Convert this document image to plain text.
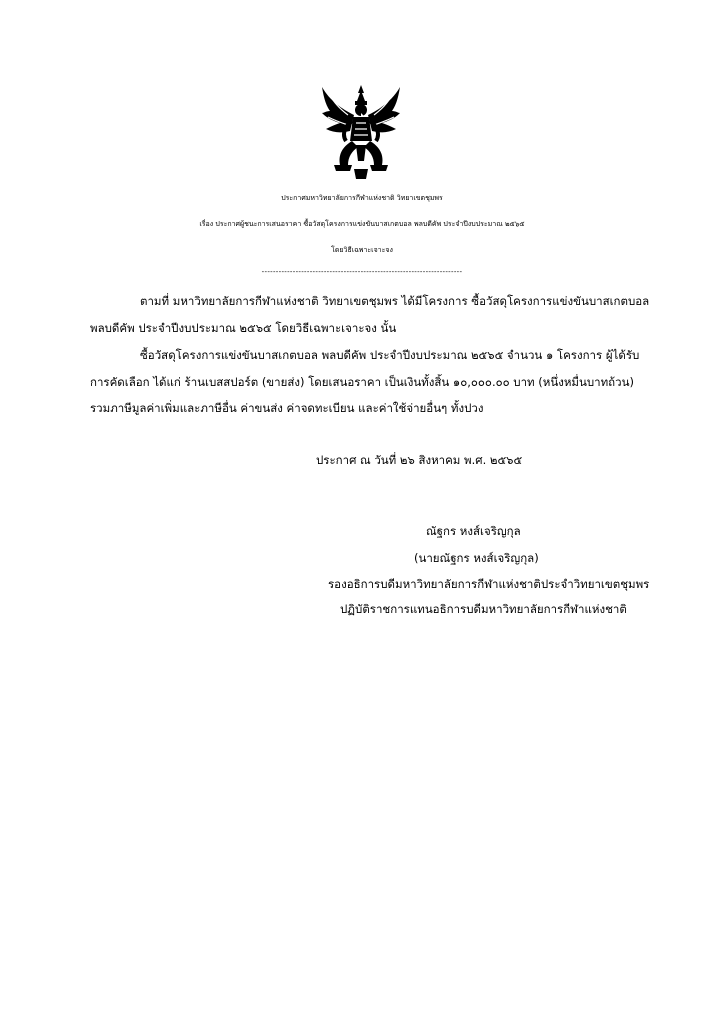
ประกาศมหาวิทยาลัยการกีฬาแห่งชาติ วิทยาเขตชุมพร
เรื่อง ประกาศผู้ชนะการเสนอราคา ซื้อวัสดุโครงการแข่งขันบาสเกตบอล พลบดีคัพ ประจำปีงบประมาณ ๒๕๖๕
โดยวิธีเฉพาะเจาะจง
-----------------------------------------------------------------------
ตามที่ มหาวิทยาลัยการกีฬาแห่งชาติ วิทยาเขตชุมพร ได้มีโครงการ ซื้อวัสดุโครงการแข่งขันบาสเกตบอล
พลบดีคัพ ประจำปีงบประมาณ ๒๕๖๕ โดยวิธีเฉพาะเจาะจง นั้น
ซื้อวัสดุโครงการแข่งขันบาสเกตบอล พลบดีคัพ ประจำปีงบประมาณ ๒๕๖๕ จำนวน ๑ โครงการ ผู้ได้รับ
การคัดเลือก ได้แก่ ร้านเบสสปอร์ต (ขายส่ง) โดยเสนอราคา เป็นเงินทั้งสิ้น ๑๐,๐๐๐.๐๐ บาท (หนึ่งหมื่นบาทถ้วน)
รวมภาษีมูลค่าเพิ่มและภาษีอื่น ค่าขนส่ง ค่าจดทะเบียน และค่าใช้จ่ายอื่นๆ ทั้งปวง
ประกาศ ณ วันที่ ๒๖ สิงหาคม พ.ศ. ๒๕๖๕
ณัฐกร หงส์เจริญกุล
(นายณัฐกร หงส์เจริญกุล)
รองอธิการบดีมหาวิทยาลัยการกีฬาแห่งชาติประจำวิทยาเขตชุมพร
ปฏิบัติราชการแทนอธิการบดีมหาวิทยาลัยการกีฬาแห่งชาติ
